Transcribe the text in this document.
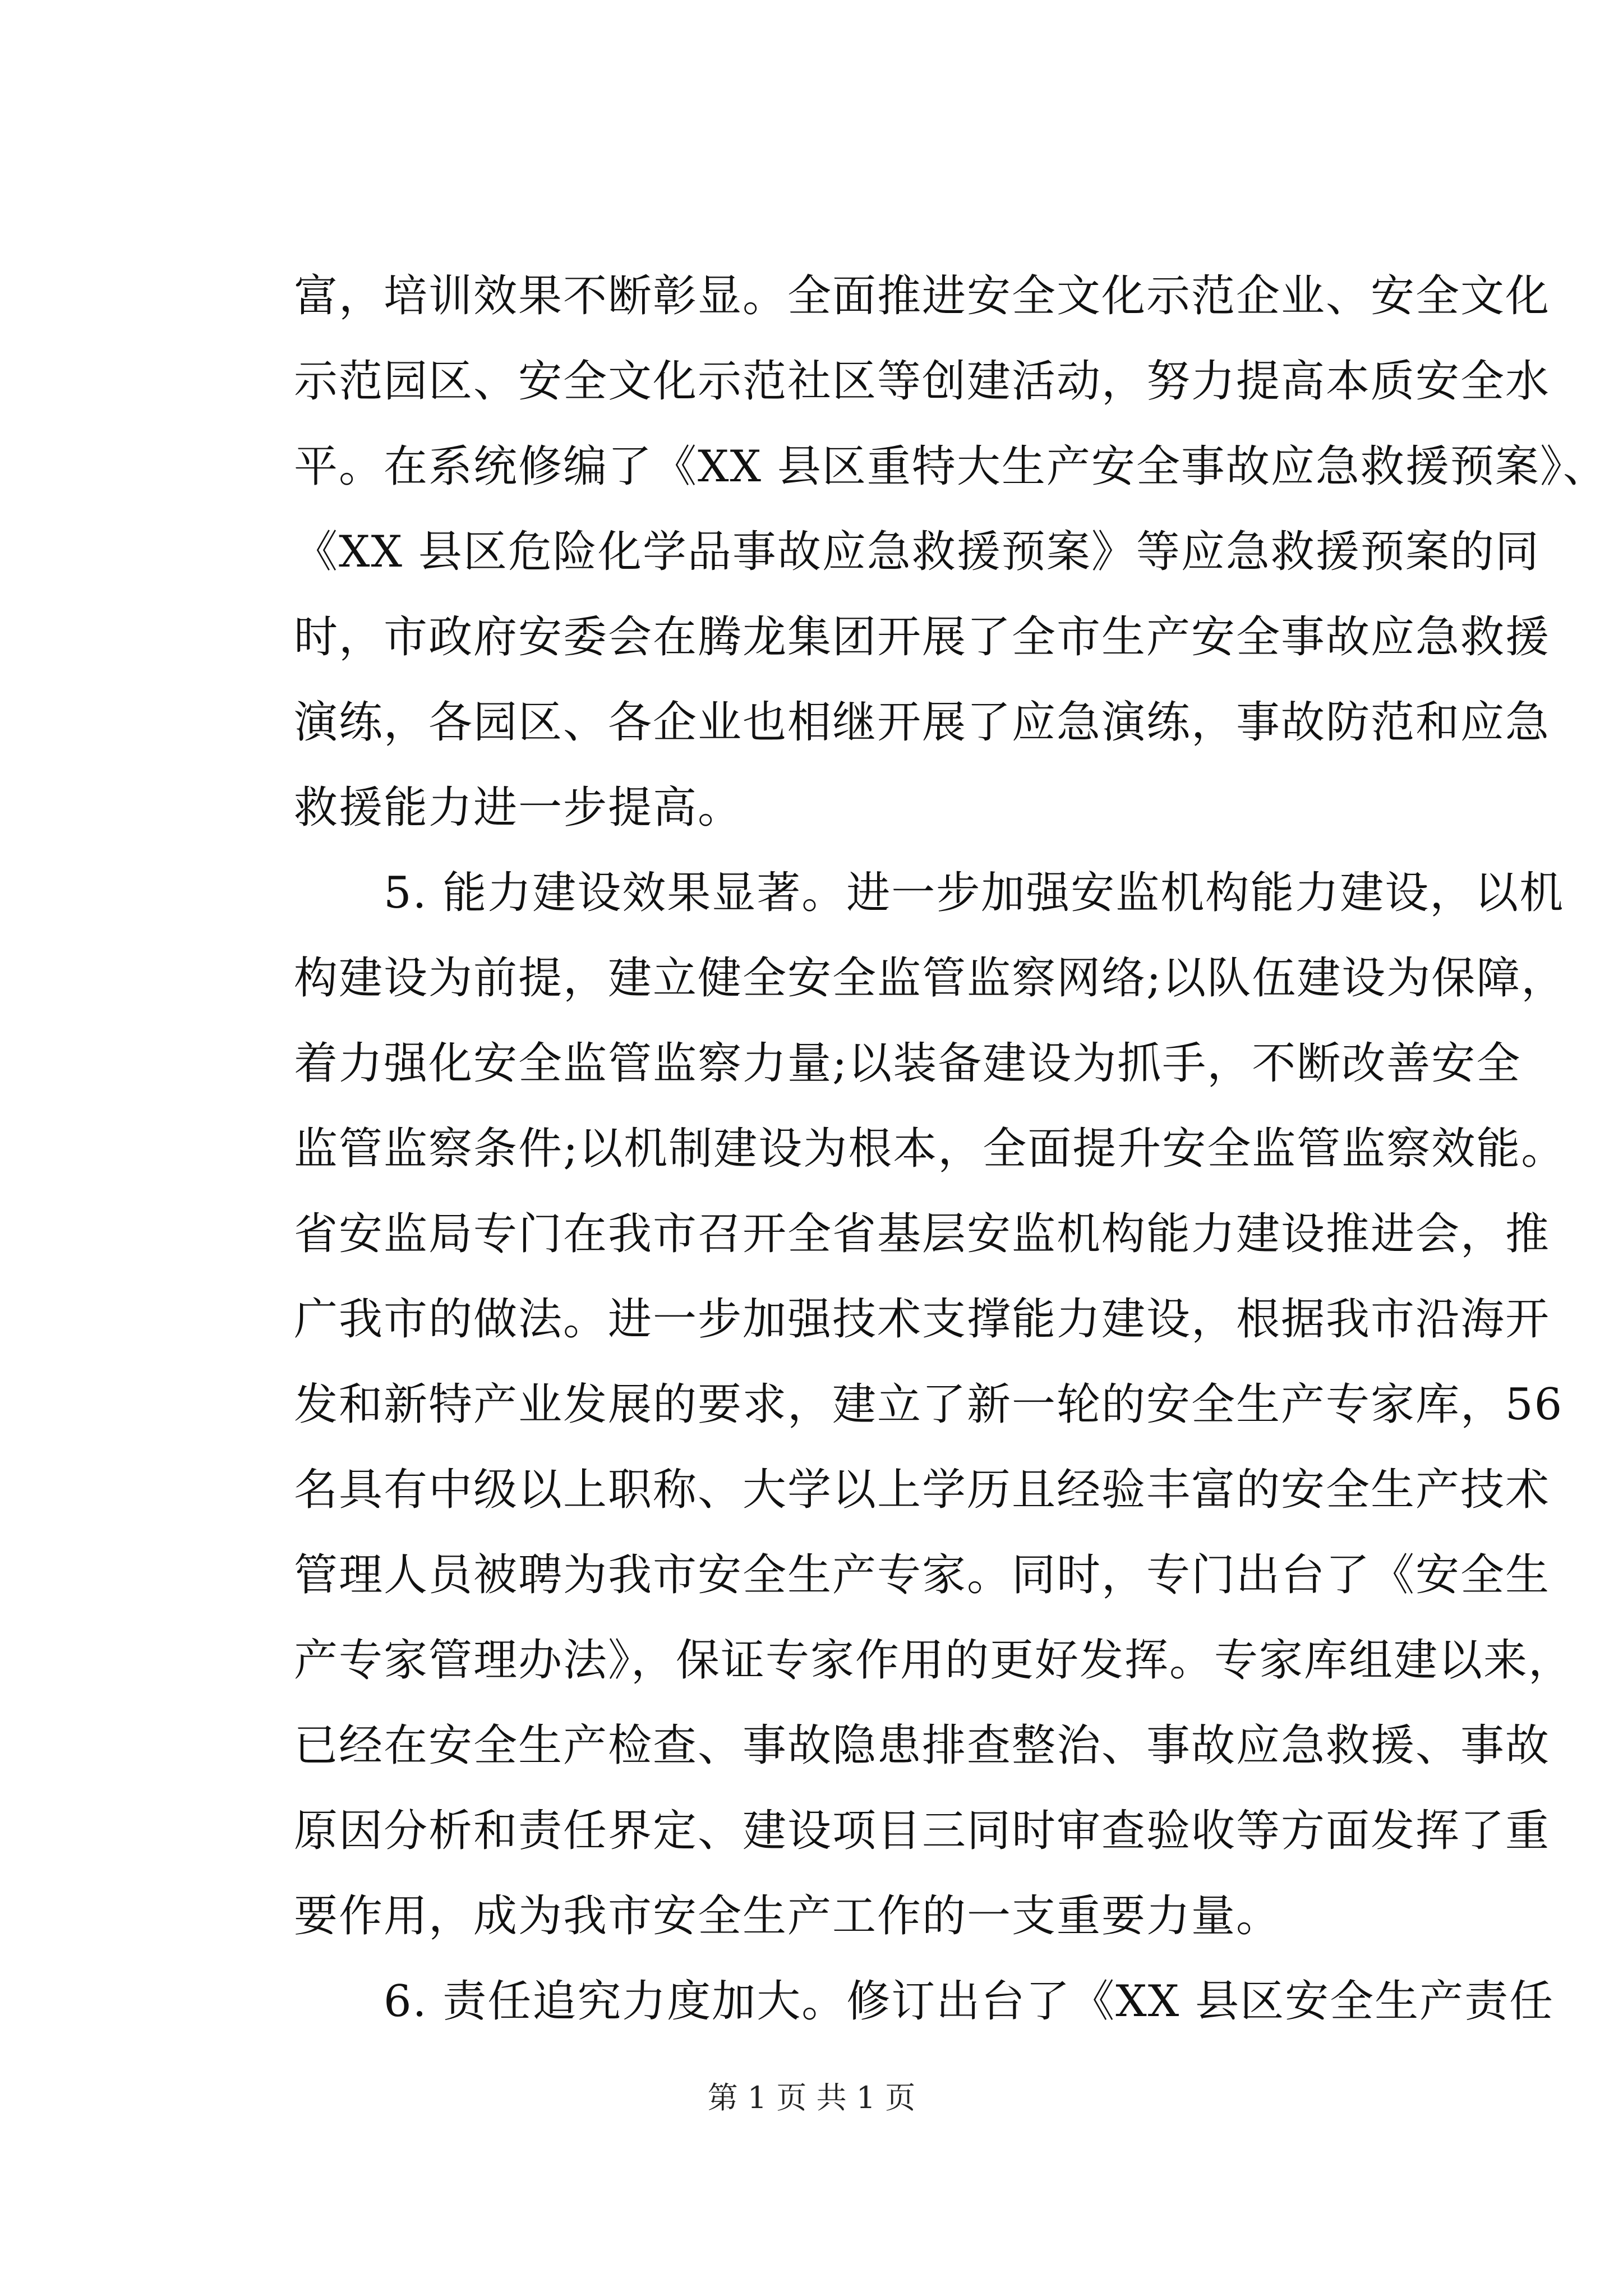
富，培训效果不断彰显。全面推进安全文化示范企业、安全文化
示范园区、安全文化示范社区等创建活动，努力提高本质安全水
平。在系统修编了《XX 县区重特大生产安全事故应急救援预案》、
《XX 县区危险化学品事故应急救援预案》等应急救援预案的同
时，市政府安委会在腾龙集团开展了全市生产安全事故应急救援
演练，各园区、各企业也相继开展了应急演练，事故防范和应急
救援能力进一步提高。
　　5. 能力建设效果显著。进一步加强安监机构能力建设，以机
构建设为前提，建立健全安全监管监察网络;以队伍建设为保障，
着力强化安全监管监察力量;以装备建设为抓手，不断改善安全
监管监察条件;以机制建设为根本，全面提升安全监管监察效能。
省安监局专门在我市召开全省基层安监机构能力建设推进会，推
广我市的做法。进一步加强技术支撑能力建设，根据我市沿海开
发和新特产业发展的要求，建立了新一轮的安全生产专家库，56
名具有中级以上职称、大学以上学历且经验丰富的安全生产技术
管理人员被聘为我市安全生产专家。同时，专门出台了《安全生
产专家管理办法》，保证专家作用的更好发挥。专家库组建以来，
已经在安全生产检查、事故隐患排查整治、事故应急救援、事故
原因分析和责任界定、建设项目三同时审查验收等方面发挥了重
要作用，成为我市安全生产工作的一支重要力量。
　　6. 责任追究力度加大。修订出台了《XX 县区安全生产责任
第 1 页 共 1 页
